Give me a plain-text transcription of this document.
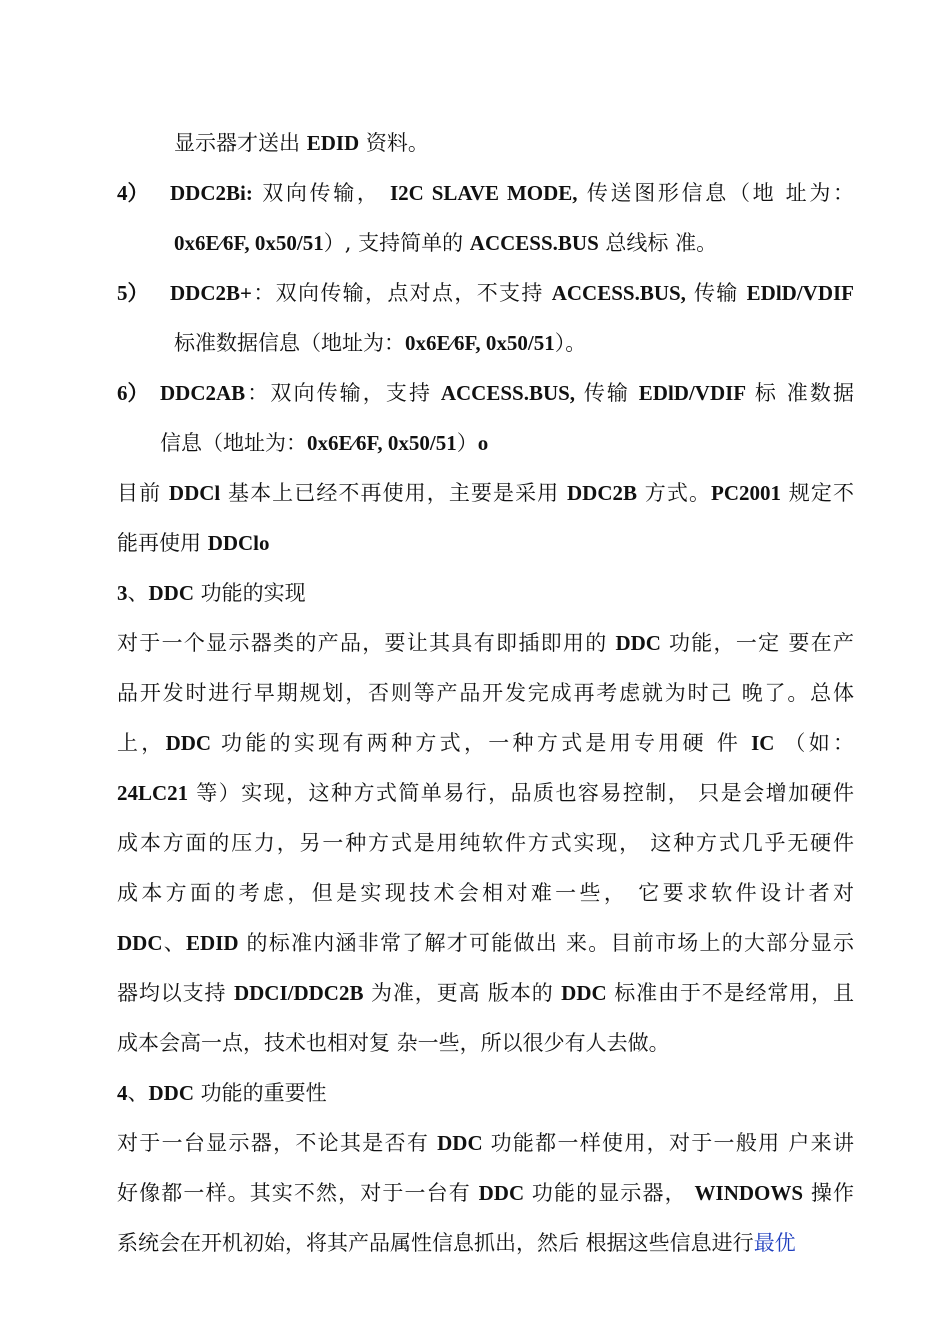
显示器才送出 EDID 资料。
4） DDC2Bi: 双向传输， I2C SLAVE MODE, 传送图形信息（地 址为：
0x6E⁄6F, 0x50/51）, 支持简单的 ACCESS.BUS 总线标 准。
5） DDC2B+：双向传输，点对点，不支持 ACCESS.BUS, 传输 EDlD/VDIF
标准数据信息（地址为：0x6E⁄6F, 0x50/51）。
6） DDC2AB：双向传输，支持 ACCESS.BUS, 传输 EDlD/VDIF 标 准数据
信息（地址为：0x6E⁄6F, 0x50/51）o
目前 DDCl 基本上已经不再使用，主要是采用 DDC2B 方式。PC2001 规定不
能再使用 DDClo
3、DDC 功能的实现
对于一个显示器类的产品，要让其具有即插即用的 DDC 功能，一定 要在产
品开发时进行早期规划，否则等产品开发完成再考虑就为时己 晚了。总体
上，DDC 功能的实现有两种方式，一种方式是用专用硬 件 IC （如：
24LC21 等）实现，这种方式简单易行，品质也容易控制， 只是会增加硬件
成本方面的压力，另一种方式是用纯软件方式实现， 这种方式几乎无硬件
成本方面的考虑，但是实现技术会相对难一些， 它要求软件设计者对
DDC、EDID 的标准内涵非常了解才可能做出 来。目前市场上的大部分显示
器均以支持 DDCI/DDC2B 为准，更高 版本的 DDC 标准由于不是经常用，且
成本会高一点，技术也相对复 杂一些，所以很少有人去做。
4、DDC 功能的重要性
对于一台显示器，不论其是否有 DDC 功能都一样使用，对于一般用 户来讲
好像都一样。其实不然，对于一台有 DDC 功能的显示器， WINDOWS 操作
系统会在开机初始，将其产品属性信息抓出，然后 根据这些信息进行最优
